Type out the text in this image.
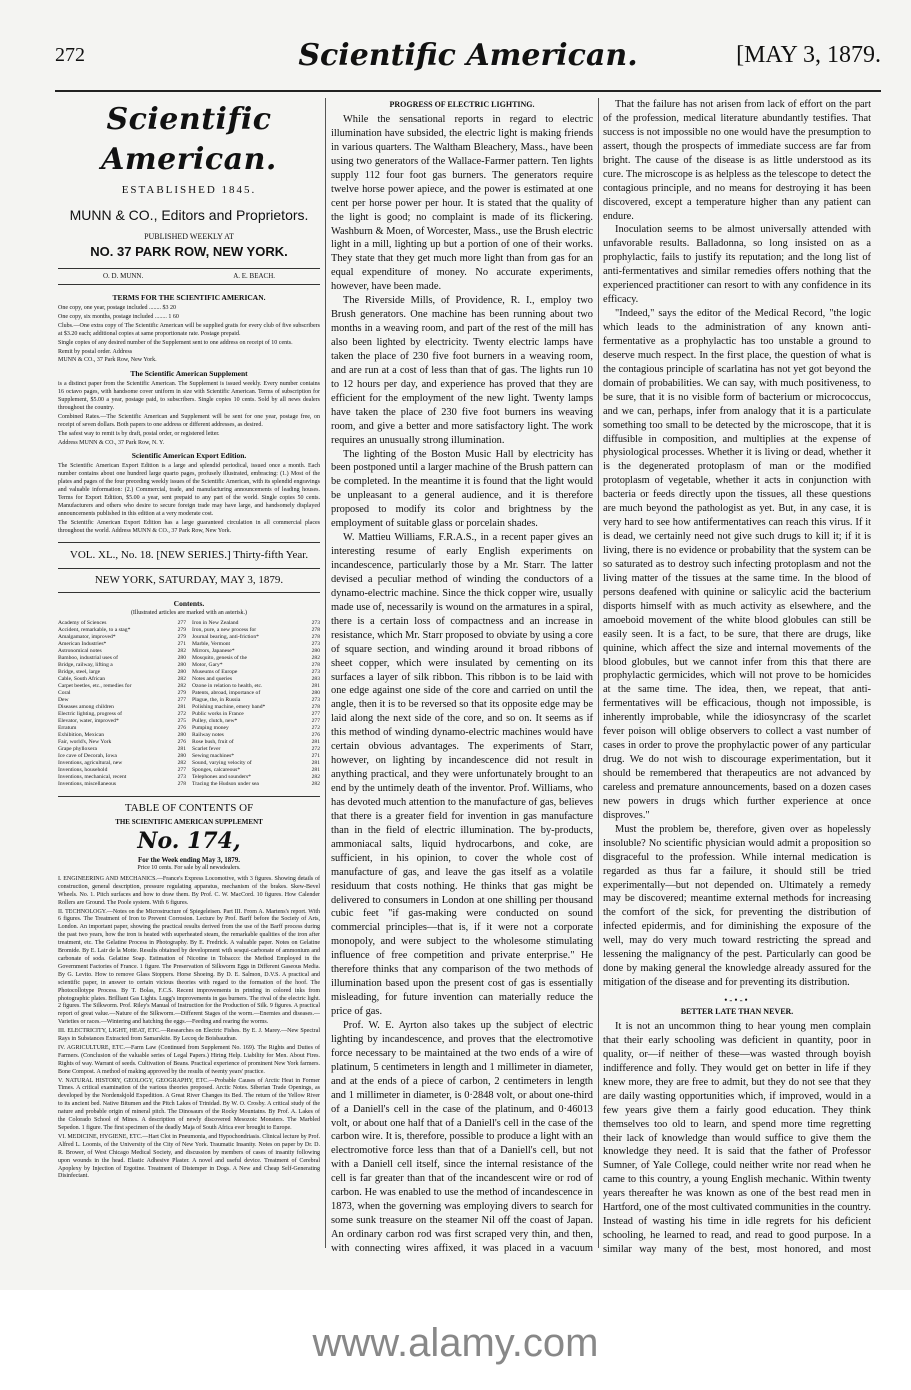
272	Scientific American.	[MAY 3, 1879.
Scientific American.
ESTABLISHED 1845.
MUNN & CO., Editors and Proprietors.
PUBLISHED WEEKLY AT
NO. 37 PARK ROW, NEW YORK.
O. D. MUNN.	A. E. BEACH.
TERMS FOR THE SCIENTIFIC AMERICAN.

One copy, one year, postage included ........ $3 20

One copy, six months, postage included ........ 1 60

Clubs.—One extra copy of The Scientific American will be supplied gratis for every club of five subscribers at $3.20 each; additional copies at same proportionate rate. Postage prepaid.

Single copies of any desired number of the Supplement sent to one address on receipt of 10 cents.

Remit by postal order. Address

MUNN & CO., 37 Park Row, New York.

The Scientific American Supplement

is a distinct paper from the Scientific American. The Supplement is issued weekly. Every number contains 16 octavo pages, with handsome cover uniform in size with Scientific American. Terms of subscription for Supplement, $5.00 a year, postage paid, to subscribers. Single copies 10 cents. Sold by all news dealers throughout the country.

Combined Rates.—The Scientific American and Supplement will be sent for one year, postage free, on receipt of seven dollars. Both papers to one address or different addresses, as desired.

The safest way to remit is by draft, postal order, or registered letter.

Address MUNN & CO., 37 Park Row, N. Y.

Scientific American Export Edition.

The Scientific American Export Edition is a large and splendid periodical, issued once a month. Each number contains about one hundred large quarto pages, profusely illustrated, embracing: (1.) Most of the plates and pages of the four preceding weekly issues of the Scientific American, with its splendid engravings and valuable information: (2.) Commercial, trade, and manufacturing announcements of leading houses. Terms for Export Edition, $5.00 a year, sent prepaid to any part of the world. Single copies 50 cents. Manufacturers and others who desire to secure foreign trade may have large, and handsomely displayed announcements published in this edition at a very moderate cost.

The Scientific American Export Edition has a large guaranteed circulation in all commercial places throughout the world. Address MUNN & CO., 37 Park Row, New York.

VOL. XL., No. 18. [NEW SERIES.] Thirty-fifth Year.
NEW YORK, SATURDAY, MAY 3, 1879.
Contents.
(Illustrated articles are marked with an asterisk.)
Academy of Sciences	277
Accident, remarkable, to a stag*	279
Amalgamator, improved*	279
American Industries*	271
Astronomical notes	282
Bamboo, industrial uses of	280
Bridge, railway, lifting a	280
Bridge, steel, large	280
Cable, South African	282
Carpet beetles, etc., remedies for	282
Coral	279
Dew	277
Diseases among children	281
Electric lighting, progress of	272
Elevator, water, improved*	275
Erratum	276
Exhibition, Mexican	280
Fair, world's, New York	276
Grape phylloxera	281
Ice cave of Decorah, Iowa	280
Inventions, agricultural, new	282
Inventions, household	277
Inventions, mechanical, recent	273
Inventions, miscellaneous	278
Iron in New Zealand	273
Iron, pure, a new process for	278
Journal bearing, anti-friction*	278
Marble, Vermont	273
Mirrors, Japanese*	280
Mosquito, genesis of the	282
Motor, Gary*	278
Museums of Europe	273
Notes and queries	283
Ozone in relation to health, etc.	281
Patents, abroad, importance of	280
Plague, the, in Russia	273
Polishing machine, emery band*	278
Public works in France	277
Pulley, clutch, new*	277
Pumping money	272
Railway notes	276
Rose bush, fruit of	281
Scarlet fever	272
Sewing machines*	271
Sound, varying velocity of	281
Sponges, calcareous*	281
Telephones and sounders*	282
Tracing the Hudson under sea	282
TABLE OF CONTENTS OF
THE SCIENTIFIC AMERICAN SUPPLEMENT
No. 174,
For the Week ending May 3, 1879.
Price 10 cents. For sale by all newsdealers.

I. ENGINEERING AND MECHANICS.—France's Express Locomotive, with 3 figures. Showing details of construction, general description, pressure regulating apparatus, mechanism of the brakes. Skew-Bevel Wheels. No. 1. Pitch surfaces and how to draw them. By Prof. C. W. MacCord. 10 figures. How Calender Rollers are Ground. The Poole system. With 6 figures.

II. TECHNOLOGY.—Notes on the Microstructure of Spiegeleisen. Part III. From A. Martens's report. With 6 figures. The Treatment of Iron to Prevent Corrosion. Lecture by Prof. Barff before the Society of Arts, London. An important paper, showing the practical results derived from the use of the Barff process during the past two years, how the iron is heated with superheated steam, the remarkable qualities of the iron after treatment, etc. The Gelatine Process in Photography. By E. Fredrick. A valuable paper. Notes on Gelatine Bromide. By E. Lair de la Motte. Results obtained by development with sesqui-carbonate of ammonium and carbonate of soda. Gelatine Soap. Estimation of Nicotine in Tobacco: the Method Employed in the Government Factories of France. 1 figure. The Preservation of Silkworm Eggs in Different Gaseous Media. By G. Levito. How to remove Glass Stoppers. Horse Shoeing. By D. E. Salmon, D.V.S. A practical and scientific paper, in answer to certain vicious theories with regard to the formation of the hoof. The Photocollotype Process. By T. Bolas, F.C.S. Recent improvements in printing in colored inks from photographic plates. Brilliant Gas Lights. Lugg's improvements in gas burners. The rival of the electric light. 2 figures. The Silkworm. Prof. Riley's Manual of Instruction for the Production of Silk. 9 figures. A practical report of great value.—Nature of the Silkworm.—Different Stages of the worm.—Enemies and diseases.—Varieties or races.—Wintering and hatching the eggs.—Feeding and rearing the worms.

III. ELECTRICITY, LIGHT, HEAT, ETC.—Researches on Electric Fishes. By E. J. Marey.—New Spectral Rays in Substances Extracted from Samarskite. By Lecoq de Boisbaudran.

IV. AGRICULTURE, ETC.—Farm Law (Continued from Supplement No. 169). The Rights and Duties of Farmers. (Conclusion of the valuable series of Legal Papers.) Hiring Help. Liability for Men. About Fires. Rights of way. Warrant of seeds. Cultivation of Beans. Practical experience of prominent New York farmers. Bone Compost. A method of making approved by the results of twenty years' practice.

V. NATURAL HISTORY, GEOLOGY, GEOGRAPHY, ETC.—Probable Causes of Arctic Heat in Former Times. A critical examination of the various theories proposed. Arctic Notes. Siberian Trade Openings, as developed by the Nordenskjold Expedition. A Great River Changes its Bed. The return of the Yellow River to its ancient bed. Native Bitumen and the Pitch Lakes of Trinidad. By W. O. Crosby. A critical study of the nature and probable origin of mineral pitch. The Dinosaurs of the Rocky Mountains. By Prof. A. Lakes of the Colorado School of Mines. A description of newly discovered Mesozoic Monsters. The Marbled Sepedon. 1 figure. The first specimen of the deadly Maja of South Africa ever brought to Europe.

VI. MEDICINE, HYGIENE, ETC.—Hart Clot in Pneumonia, and Hypochondriasis. Clinical lecture by Prof. Alfred L. Loomis, of the University of the City of New York. Traumatic Insanity. Notes on paper by Dr. D. R. Brower, of West Chicago Medical Society, and discussion by members of cases of insanity following upon wounds in the head. Elastic Adhesive Plaster. A novel and useful device. Treatment of Cerebral Apoplexy by Injection of Ergotine. Treatment of Distemper in Dogs. A New and Cheap Self-Generating Disinfectant.

PROGRESS OF ELECTRIC LIGHTING.

While the sensational reports in regard to electric illumination have subsided, the electric light is making friends in various quarters. The Waltham Bleachery, Mass., have been using two generators of the Wallace-Farmer pattern. Ten lights supply 112 four foot gas burners. The generators require twelve horse power apiece, and the power is estimated at one cent per horse power per hour. It is stated that the quality of the light is good; no complaint is made of its flickering. Washburn & Moen, of Worcester, Mass., use the Brush electric light in a mill, lighting up but a portion of one of their works. They state that they get much more light than from gas for an equal expenditure of money. No accurate experiments, however, have been made.

The Riverside Mills, of Providence, R. I., employ two Brush generators. One machine has been running about two months in a weaving room, and part of the rest of the mill has also been lighted by electricity. Twenty electric lamps have taken the place of 230 five foot burners in a weaving room, and are run at a cost of less than that of gas. The lights run 10 to 12 hours per day, and experience has proved that they are efficient for the employment of the new light. Twenty lamps have taken the place of 230 five foot burners ins weaving room, and give a better and more satisfactory light. The work requires an unusually strong illumination.

The lighting of the Boston Music Hall by electricity has been postponed until a larger machine of the Brush pattern can be completed. In the meantime it is found that the light would be unpleasant to a general audience, and it is therefore proposed to modify its color and brightness by the employment of suitable glass or porcelain shades.

W. Mattieu Williams, F.R.A.S., in a recent paper gives an interesting resume of early English experiments on incandescence, particularly those by a Mr. Starr. The latter devised a peculiar method of winding the conductors of a dynamo-electric machine. Since the thick copper wire, usually made use of, necessarily is wound on the armatures in a spiral, there is a certain loss of compactness and an increase in resistance, which Mr. Starr proposed to obviate by using a core of square section, and winding around it broad ribbons of sheet copper, which were insulated by cementing on its surfaces a layer of silk ribbon. This ribbon is to be laid with one edge against one side of the core and carried on until the angle, then it is to be reversed so that its opposite edge may be laid along the next side of the core, and so on. It seems as if this method of winding dynamo-electric machines would have certain obvious advantages. The experiments of Starr, however, on lighting by incandescence did not result in anything practical, and they were unfortunately brought to an end by the untimely death of the inventor. Prof. Williams, who has devoted much attention to the manufacture of gas, believes that there is a greater field for invention in gas manufacture than in the field of electric illumination. The by-products, ammoniacal salts, liquid hydrocarbons, and coke, are sufficient, in his opinion, to cover the whole cost of manufacture of gas, and leave the gas itself as a volatile residuum that costs nothing. He thinks that gas might be delivered to consumers in London at one shilling per thousand cubic feet "if gas-making were conducted on sound commercial principles—that is, if it were not a corporate monopoly, and were subject to the wholesome stimulating influence of free competition and private enterprise." He therefore thinks that any comparison of the two methods of illumination based upon the present cost of gas is essentially misleading, for future invention can materially reduce the price of gas.

Prof. W. E. Ayrton also takes up the subject of electric lighting by incandescence, and proves that the electromotive force necessary to be maintained at the two ends of a wire of platinum, 5 centimeters in length and 1 millimeter in diameter, and at the ends of a piece of carbon, 2 centimeters in length and 1 millimeter in diameter, is 0·2848 volt, or about one-third of a Daniell's cell in the case of the platinum, and 0·46013 volt, or about one half that of a Daniell's cell in the case of the carbon wire. It is, therefore, possible to produce a light with an electromotive force less than that of a Daniell's cell, but not with a Daniell cell itself, since the internal resistance of the cell is far greater than that of the incandescent wire or rod of carbon. He was enabled to use the method of incandescence in 1873, when the governing was employing divers to search for some sunk treasure on the steamer Nil off the coast of Japan. An ordinary carbon rod was first scraped very thin, and then, with connecting wires affixed, it was placed in a vacuum

That the failure has not arisen from lack of effort on the part of the profession, medical literature abundantly testifies. That success is not impossible no one would have the presumption to assert, though the prospects of immediate success are far from bright. The cause of the disease is as little understood as its cure. The microscope is as helpless as the telescope to detect the contagious principle, and no means for destroying it has been discovered, except a temperature higher than any patient can endure.

Inoculation seems to be almost universally attended with unfavorable results. Balladonna, so long insisted on as a prophylactic, fails to justify its reputation; and the long list of anti-fermentatives and similar remedies offers nothing that the experienced practitioner can resort to with any confidence in its efficacy.

"Indeed," says the editor of the Medical Record, "the logic which leads to the administration of any known anti-fermentative as a prophylactic has too unstable a ground to deserve much respect. In the first place, the question of what is the contagious principle of scarlatina has not yet got beyond the domain of probabilities. We can say, with much positiveness, to be sure, that it is no visible form of bacterium or micrococcus, and we can, perhaps, infer from analogy that it is a particulate something too small to be detected by the microscope, that it is diffusible in composition, and multiplies at the expense of physiological processes. Whether it is living or dead, whether it is the degenerated protoplasm of man or the modified protoplasm of vegetable, whether it acts in conjunction with bacteria or feeds directly upon the tissues, all these questions are much beyond the pathologist as yet. But, in any case, it is very hard to see how antifermentatives can reach this virus. If it is dead, we certainly need not give such drugs to kill it; if it is living, there is no evidence or probability that the system can be so saturated as to destroy such infecting protoplasm and not the living matter of the tissues at the same time. In the blood of persons deafened with quinine or salicylic acid the bacterium disports himself with as much activity as elsewhere, and the amoeboid movement of the white blood globules can still be easily seen. It is a fact, to be sure, that there are drugs, like quinine, which affect the size and internal movements of the blood globules, but we cannot infer from this that there are prophylactic germicides, which will not prove to be homicides at the same time. The idea, then, we repeat, that anti-fermentatives will be efficacious, though not impossible, is inherently improbable, while the idiosyncrasy of the scarlet fever poison will oblige observers to collect a vast number of cases in order to prove the prophylactic power of any particular drug. We do not wish to discourage experimentation, but it should be remembered that therapeutics are not advanced by careless and premature announcements, based on a dozen cases new powers in drugs which further experience at once disproves."

Must the problem be, therefore, given over as hopelessly insoluble? No scientific physician would admit a proposition so disgraceful to the profession. While internal medication is regarded as thus far a failure, it should still be tried experimentally—but not depended on. Ultimately a remedy may be discovered; meantime external methods for increasing the comfort of the sick, for preventing the distribution of infected epidermis, and for diminishing the exposure of the well, may do very much toward restricting the spread and lessening the malignancy of the pest. Particularly can good be done by making general the knowledge already assured for the mitigation of the disease and for preventing its distribution.

•-•-•
BETTER LATE THAN NEVER.

It is not an uncommon thing to hear young men complain that their early schooling was deficient in quantity, poor in quality, or—if neither of these—was wasted through boyish indifference and folly. They would get on better in life if they knew more, they are free to admit, but they do not see that they are daily wasting opportunities which, if improved, would in a few years give them a fairly good education. They think themselves too old to learn, and spend more time regretting their lack of knowledge than would suffice to give them the knowledge they need. It is said that the father of Professor Sumner, of Yale College, could neither write nor read when he came to this country, a young English mechanic. Within twenty years thereafter he was known as one of the best read men in Hartford, one of the most cultivated communities in the country. Instead of wasting his time in idle regrets for his deficient schooling, he learned to read, and read to good purpose. In a similar way many of the best, most honored, and most

www.alamy.com
